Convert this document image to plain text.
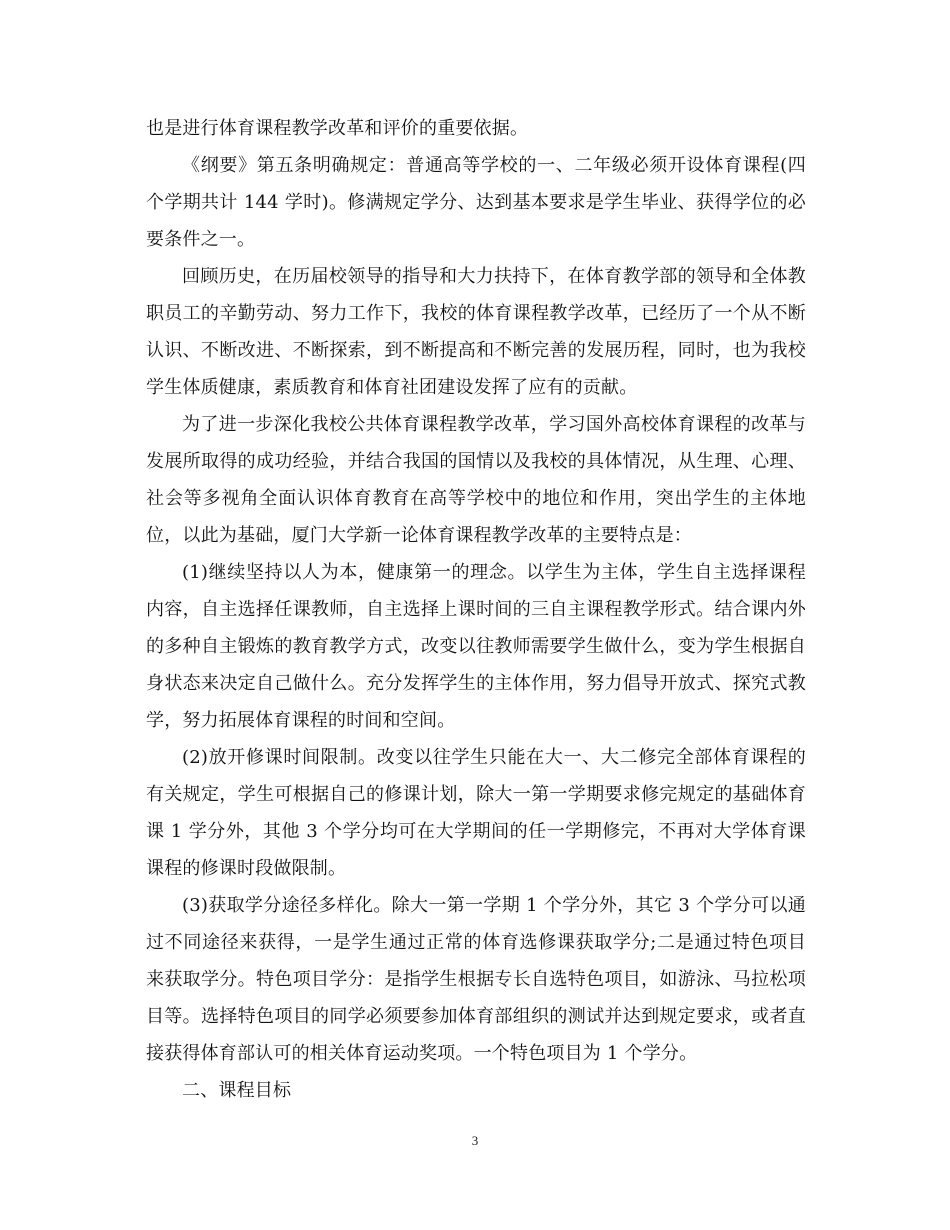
也是进行体育课程教学改革和评价的重要依据。

《纲要》第五条明确规定：普通高等学校的一、二年级必须开设体育课程(四个学期共计 144 学时)。修满规定学分、达到基本要求是学生毕业、获得学位的必要条件之一。

回顾历史，在历届校领导的指导和大力扶持下，在体育教学部的领导和全体教职员工的辛勤劳动、努力工作下，我校的体育课程教学改革，已经历了一个从不断认识、不断改进、不断探索，到不断提高和不断完善的发展历程，同时，也为我校学生体质健康，素质教育和体育社团建设发挥了应有的贡献。

为了进一步深化我校公共体育课程教学改革，学习国外高校体育课程的改革与发展所取得的成功经验，并结合我国的国情以及我校的具体情况，从生理、心理、社会等多视角全面认识体育教育在高等学校中的地位和作用，突出学生的主体地位，以此为基础，厦门大学新一论体育课程教学改革的主要特点是：

(1)继续坚持以人为本，健康第一的理念。以学生为主体，学生自主选择课程内容，自主选择任课教师，自主选择上课时间的三自主课程教学形式。结合课内外的多种自主锻炼的教育教学方式，改变以往教师需要学生做什么，变为学生根据自身状态来决定自己做什么。充分发挥学生的主体作用，努力倡导开放式、探究式教学，努力拓展体育课程的时间和空间。

(2)放开修课时间限制。改变以往学生只能在大一、大二修完全部体育课程的有关规定，学生可根据自己的修课计划，除大一第一学期要求修完规定的基础体育课 1 学分外，其他 3 个学分均可在大学期间的任一学期修完，不再对大学体育课课程的修课时段做限制。

(3)获取学分途径多样化。除大一第一学期 1 个学分外，其它 3 个学分可以通过不同途径来获得，一是学生通过正常的体育选修课获取学分;二是通过特色项目来获取学分。特色项目学分：是指学生根据专长自选特色项目，如游泳、马拉松项目等。选择特色项目的同学必须要参加体育部组织的测试并达到规定要求，或者直接获得体育部认可的相关体育运动奖项。一个特色项目为 1 个学分。

二、课程目标

3
